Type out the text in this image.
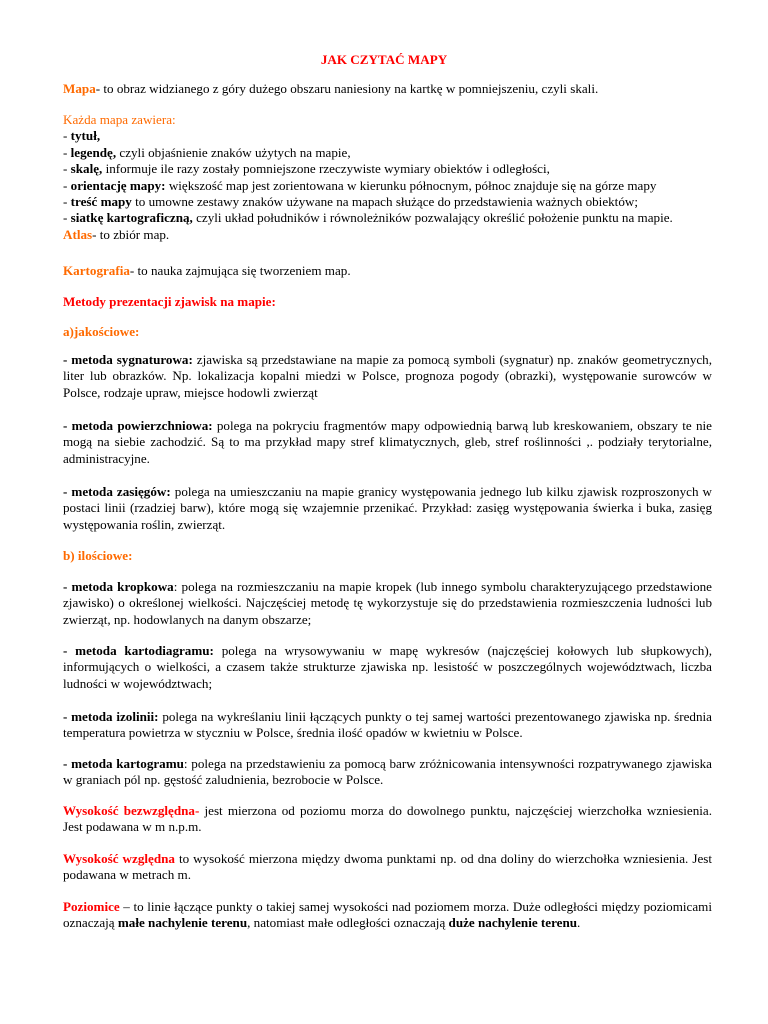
JAK CZYTAĆ MAPY

Mapa- to obraz widzianego z góry dużego obszaru naniesiony na kartkę w pomniejszeniu, czyli skali.

Każda mapa zawiera:
- tytuł,
- legendę, czyli objaśnienie znaków użytych na mapie,
- skalę, informuje ile razy zostały pomniejszone rzeczywiste wymiary obiektów i odległości,
- orientację mapy: większość map jest zorientowana w kierunku północnym, północ znajduje się na górze mapy
- treść mapy to umowne zestawy znaków używane na mapach służące do przedstawienia ważnych obiektów;
- siatkę kartograficzną, czyli układ południków i równoleżników pozwalający określić położenie punktu na mapie.
Atlas- to zbiór map.

Kartografia- to nauka zajmująca się tworzeniem map.

Metody prezentacji zjawisk na mapie:

a)jakościowe:

- metoda sygnaturowa: zjawiska są przedstawiane na mapie za pomocą symboli (sygnatur) np. znaków geometrycznych, liter lub obrazków. Np. lokalizacja kopalni miedzi w Polsce, prognoza pogody (obrazki), występowanie surowców w Polsce, rodzaje upraw, miejsce hodowli zwierząt

- metoda powierzchniowa: polega na pokryciu fragmentów mapy odpowiednią barwą lub kreskowaniem, obszary te nie mogą na siebie zachodzić. Są to ma przykład mapy stref klimatycznych, gleb, stref roślinności ,. podziały terytorialne, administracyjne.

- metoda zasięgów: polega na umieszczaniu na mapie granicy występowania jednego lub kilku zjawisk rozproszonych w postaci linii (rzadziej barw), które mogą się wzajemnie przenikać. Przykład: zasięg występowania świerka i buka, zasięg występowania roślin, zwierząt.

b) ilościowe:

- metoda kropkowa: polega na rozmieszczaniu na mapie kropek (lub innego symbolu charakteryzującego przedstawione zjawisko) o określonej wielkości. Najczęściej metodę tę wykorzystuje się do przedstawienia rozmieszczenia ludności lub zwierząt, np. hodowlanych na danym obszarze;

- metoda kartodiagramu: polega na wrysowywaniu w mapę wykresów (najczęściej kołowych lub słupkowych), informujących o wielkości, a czasem także strukturze zjawiska np. lesistość w poszczególnych województwach, liczba ludności w województwach;

- metoda izolinii: polega na wykreślaniu linii łączących punkty o tej samej wartości prezentowanego zjawiska np. średnia temperatura powietrza w styczniu w Polsce, średnia ilość opadów w kwietniu w Polsce.

- metoda kartogramu: polega na przedstawieniu za pomocą barw zróżnicowania intensywności rozpatrywanego zjawiska w graniach pól np. gęstość zaludnienia, bezrobocie w Polsce.

Wysokość bezwzględna- jest mierzona od poziomu morza do dowolnego punktu, najczęściej wierzchołka wzniesienia. Jest podawana w m n.p.m.

Wysokość względna to wysokość mierzona między dwoma punktami np. od dna doliny do wierzchołka wzniesienia. Jest podawana w metrach m.

Poziomice – to linie łączące punkty o takiej samej wysokości nad poziomem morza. Duże odległości między poziomicami oznaczają małe nachylenie terenu, natomiast małe odległości oznaczają duże nachylenie terenu.
